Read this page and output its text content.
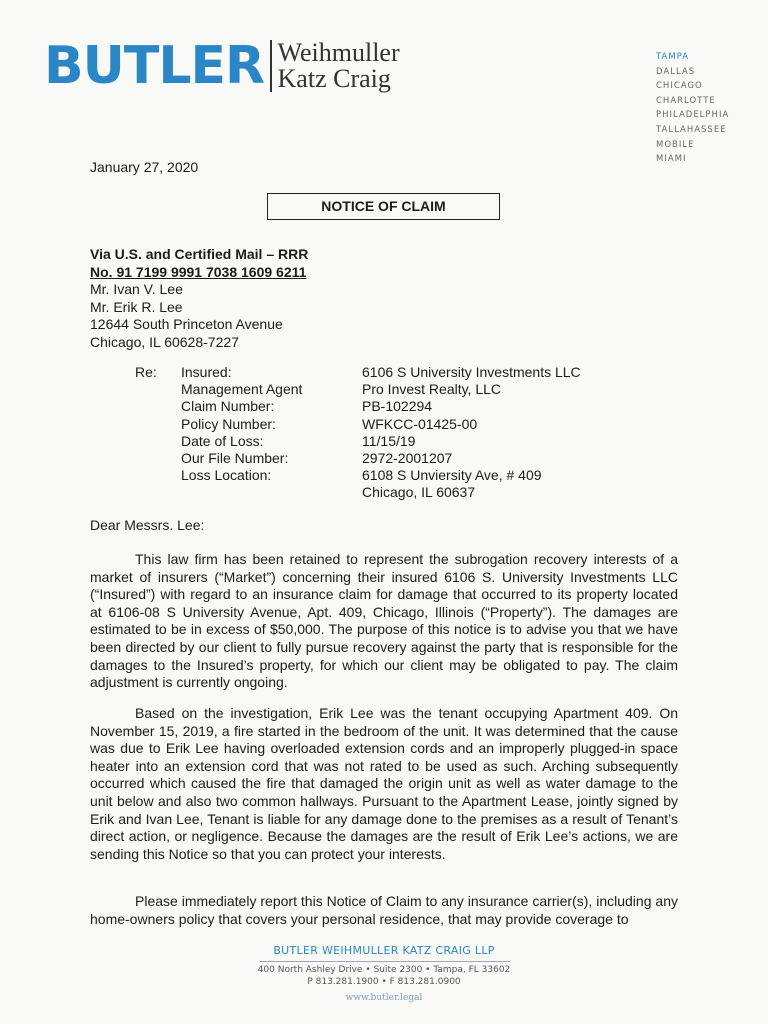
BUTLER Weihmuller
Katz Craig
TAMPA
DALLAS
CHICAGO
CHARLOTTE
PHILADELPHIA
TALLAHASSEE
MOBILE
MIAMI
January 27, 2020
NOTICE OF CLAIM
Via U.S. and Certified Mail – RRR
No. 91 7199 9991 7038 1609 6211
Mr. Ivan V. Lee
Mr. Erik R. Lee
12644 South Princeton Avenue
Chicago, IL 60628-7227
Re: Insured:
Management Agent
Claim Number:
Policy Number:
Date of Loss:
Our File Number:
Loss Location:
6106 S University Investments LLC
Pro Invest Realty, LLC
PB-102294
WFKCC-01425-00
11/15/19
2972-2001207
6108 S Unviersity Ave, # 409
Chicago, IL 60637
Dear Messrs. Lee:

This law firm has been retained to represent the subrogation recovery interests of a market of insurers (“Market”) concerning their insured 6106 S. University Investments LLC (“Insured”) with regard to an insurance claim for damage that occurred to its property located at 6106-08 S University Avenue, Apt. 409, Chicago, Illinois (“Property”). The damages are estimated to be in excess of $50,000. The purpose of this notice is to advise you that we have been directed by our client to fully pursue recovery against the party that is responsible for the damages to the Insured’s property, for which our client may be obligated to pay. The claim adjustment is currently ongoing.

Based on the investigation, Erik Lee was the tenant occupying Apartment 409. On November 15, 2019, a fire started in the bedroom of the unit. It was determined that the cause was due to Erik Lee having overloaded extension cords and an improperly plugged-in space heater into an extension cord that was not rated to be used as such. Arching subsequently occurred which caused the fire that damaged the origin unit as well as water damage to the unit below and also two common hallways. Pursuant to the Apartment Lease, jointly signed by Erik and Ivan Lee, Tenant is liable for any damage done to the premises as a result of Tenant’s direct action, or negligence. Because the damages are the result of Erik Lee’s actions, we are sending this Notice so that you can protect your interests.

Please immediately report this Notice of Claim to any insurance carrier(s), including any home-owners policy that covers your personal residence, that may provide coverage to

BUTLER WEIHMULLER KATZ CRAIG LLP
400 North Ashley Drive • Suite 2300 • Tampa, FL 33602
P 813.281.1900 • F 813.281.0900
www.butler.legal
